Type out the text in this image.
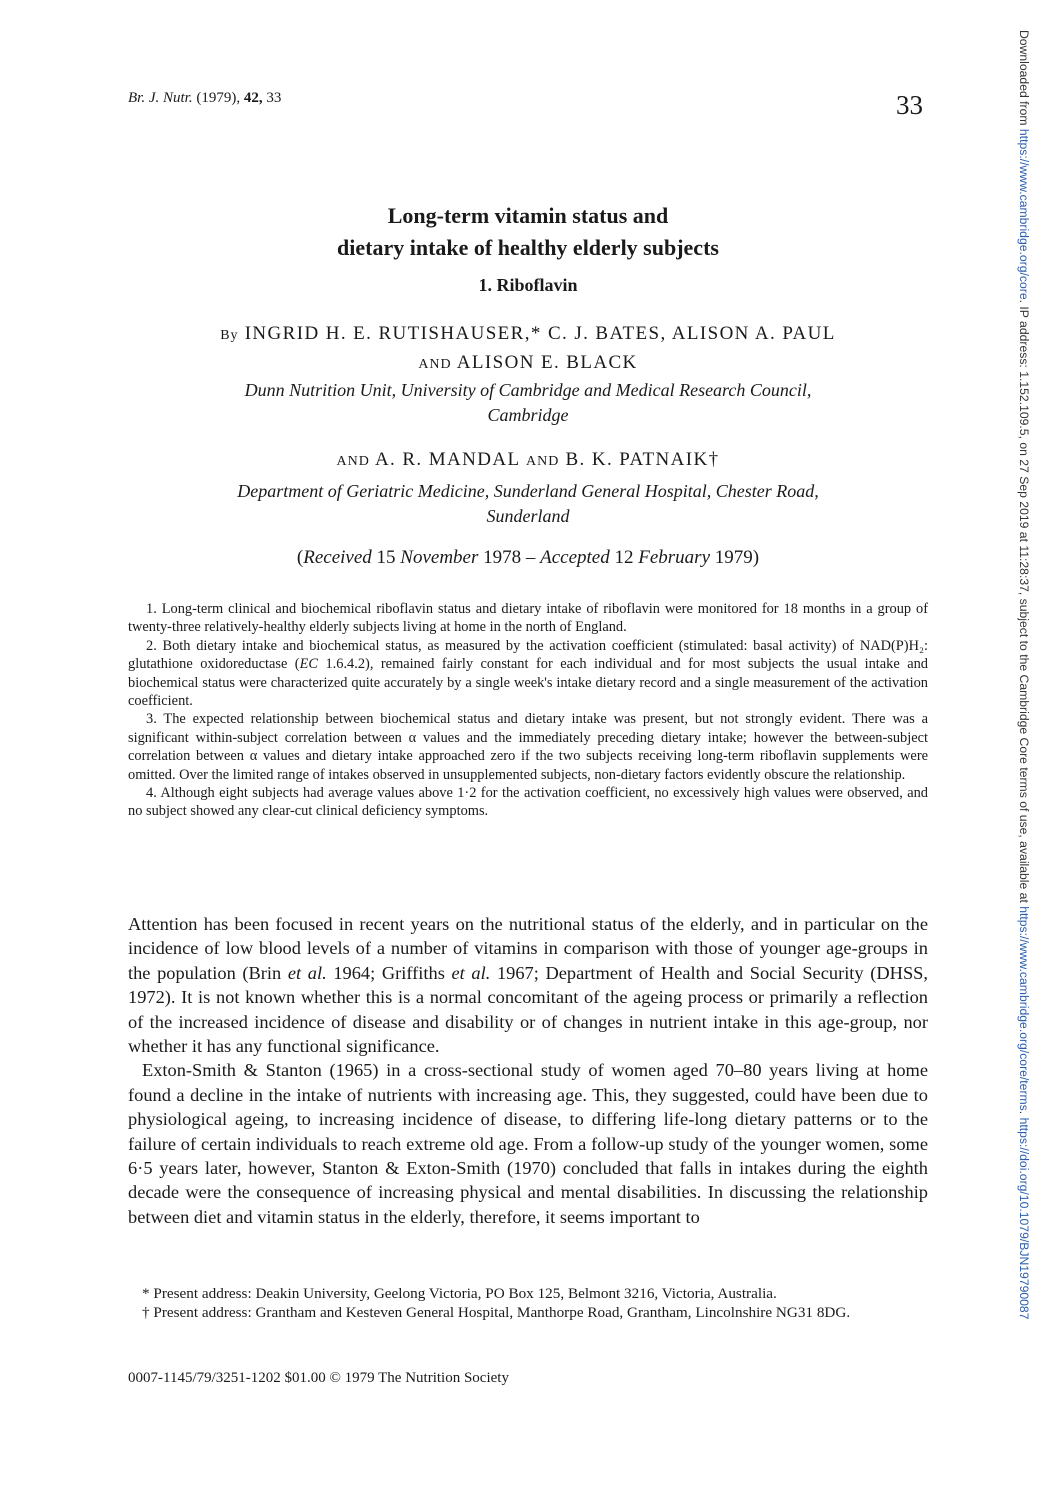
Br. J. Nutr. (1979), 42, 33	33
Long-term vitamin status and
dietary intake of healthy elderly subjects
1. Riboflavin
By INGRID H. E. RUTISHAUSER,* C. J. BATES, ALISON A. PAUL
AND ALISON E. BLACK
Dunn Nutrition Unit, University of Cambridge and Medical Research Council,
Cambridge
AND A. R. MANDAL AND B. K. PATNAIK†
Department of Geriatric Medicine, Sunderland General Hospital, Chester Road,
Sunderland
(Received 15 November 1978 – Accepted 12 February 1979)

1. Long-term clinical and biochemical riboflavin status and dietary intake of riboflavin were monitored for 18 months in a group of twenty-three relatively-healthy elderly subjects living at home in the north of England.

2. Both dietary intake and biochemical status, as measured by the activation coefficient (stimulated: basal activity) of NAD(P)H₂: glutathione oxidoreductase (EC 1.6.4.2), remained fairly constant for each individual and for most subjects the usual intake and biochemical status were characterized quite accurately by a single week's intake dietary record and a single measurement of the activation coefficient.

3. The expected relationship between biochemical status and dietary intake was present, but not strongly evident. There was a significant within-subject correlation between α values and the immediately preceding dietary intake; however the between-subject correlation between α values and dietary intake approached zero if the two subjects receiving long-term riboflavin supplements were omitted. Over the limited range of intakes observed in unsupplemented subjects, non-dietary factors evidently obscure the relationship.

4. Although eight subjects had average values above 1·2 for the activation coefficient, no excessively high values were observed, and no subject showed any clear-cut clinical deficiency symptoms.

Attention has been focused in recent years on the nutritional status of the elderly, and in particular on the incidence of low blood levels of a number of vitamins in comparison with those of younger age-groups in the population (Brin et al. 1964; Griffiths et al. 1967; Department of Health and Social Security (DHSS, 1972). It is not known whether this is a normal concomitant of the ageing process or primarily a reflection of the increased incidence of disease and disability or of changes in nutrient intake in this age-group, nor whether it has any functional significance.

Exton-Smith & Stanton (1965) in a cross-sectional study of women aged 70–80 years living at home found a decline in the intake of nutrients with increasing age. This, they suggested, could have been due to physiological ageing, to increasing incidence of disease, to differing life-long dietary patterns or to the failure of certain individuals to reach extreme old age. From a follow-up study of the younger women, some 6·5 years later, however, Stanton & Exton-Smith (1970) concluded that falls in intakes during the eighth decade were the consequence of increasing physical and mental disabilities. In discussing the relationship between diet and vitamin status in the elderly, therefore, it seems important to

* Present address: Deakin University, Geelong Victoria, PO Box 125, Belmont 3216, Victoria, Australia.

† Present address: Grantham and Kesteven General Hospital, Manthorpe Road, Grantham, Lincolnshire NG31 8DG.

0007-1145/79/3251-1202 $01.00 © 1979 The Nutrition Society
Downloaded from https://www.cambridge.org/core. IP address: 1.152.109.5, on 27 Sep 2019 at 11:28:37, subject to the Cambridge Core terms of use, available at https://www.cambridge.org/core/terms. https://doi.org/10.1079/BJN19790087
